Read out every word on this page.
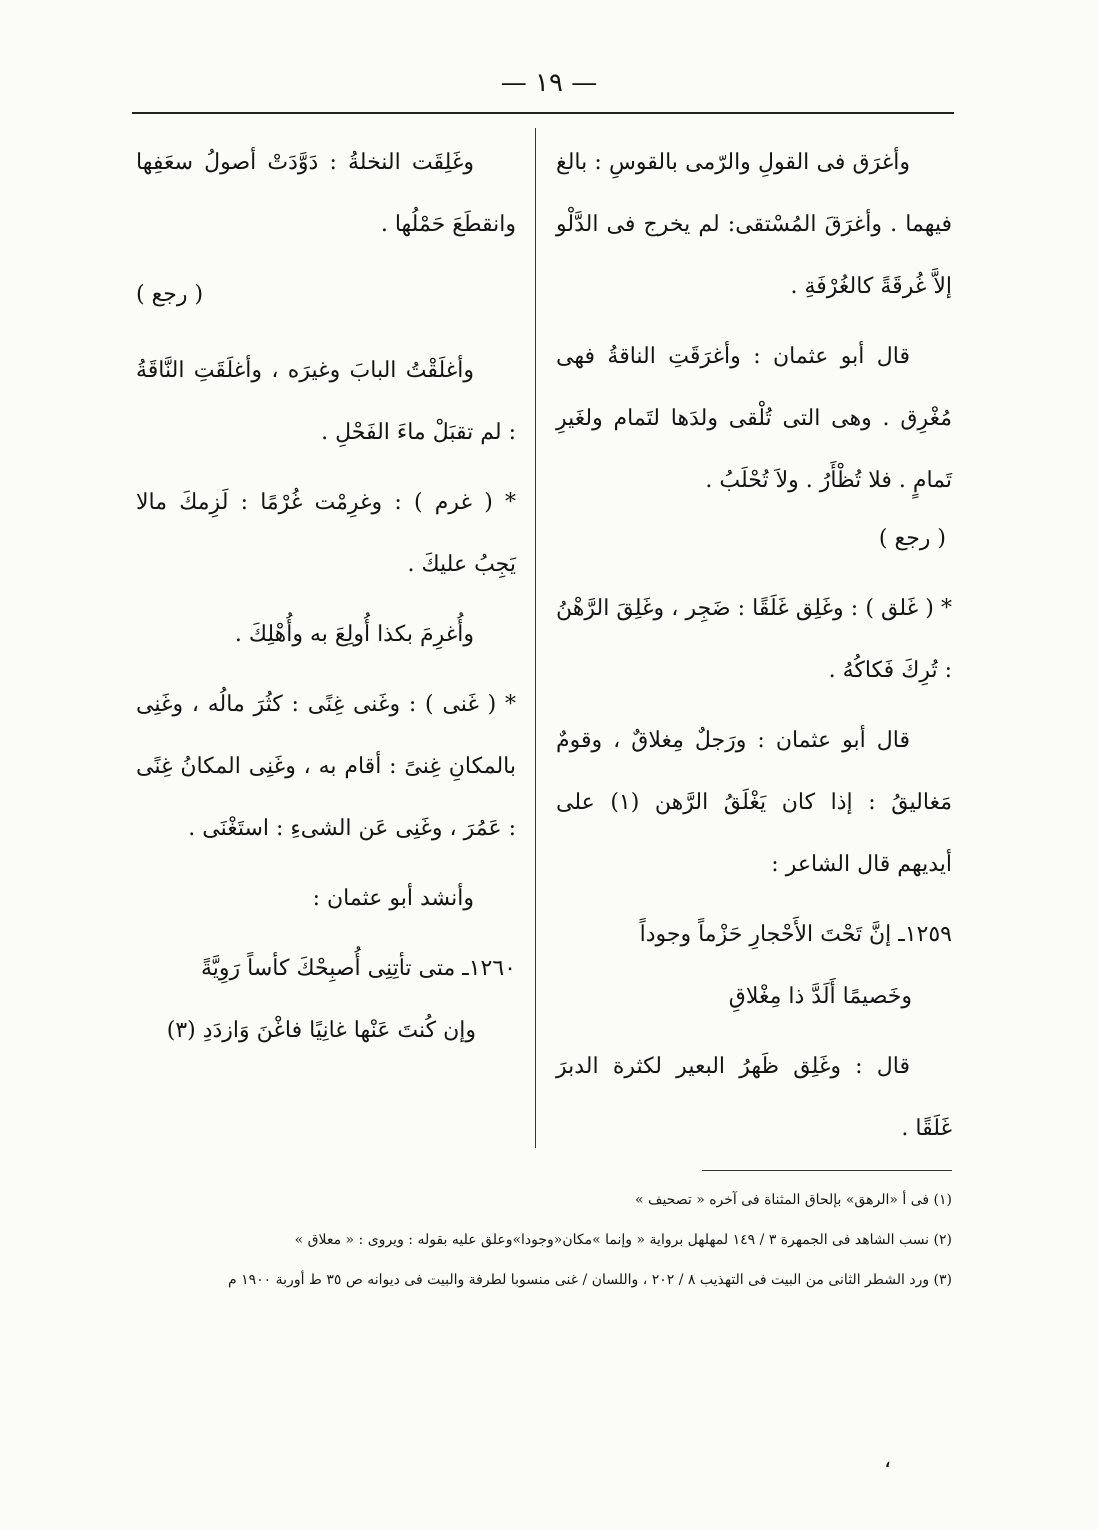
— ١٩ —

وأغرَق فى القولِ والرّمى بالقوسِ : بالغ فيهما . وأغرَقَ المُسْتقى: لم يخرج فى الدَّلْو إلاَّ غُرقَةً كالغُرْفَةِ .

قال أبو عثمان : وأغرَقَتِ الناقةُ فهى مُغْرِق . وهى التى تُلْقى ولدَها لتَمام ولغَيرِ تَمامٍ . فلا تُظْأَرُ . ولاَ تُحْلَبُ .

( رجع )

* ( غَلق ) : وغَلِق غَلَقًا : ضَجِر ، وغَلِقَ الرَّهْنُ : تُرِكَ فَكاكُهُ .

قال أبو عثمان : ورَجلٌ مِغلاقٌ ، وقومٌ مَغاليقُ : إذا كان يَغْلَقُ الرَّهن (١) على أيديهم قال الشاعر :

١٢٥٩ـ إنَّ تَحْتَ الأَحْجارِ حَزْماً وجوداً

وخَصيمًا أَلَدَّ ذا مِغْلاقِ

قال : وغَلِق ظَهرُ البعير لكثرة الدبرَ غَلَقًا .

وغَلِقَت النخلةُ : دَوَّدَتْ أصولُ سعَفِها وانقطَعَ حَمْلُها .

( رجع )

وأغلَقْتُ البابَ وغيرَه ، وأغلَقَتِ النَّاقَةُ : لم تقبَلْ ماءَ الفَحْلِ .

* ( غرم ) : وغرِمْت غُرْمًا : لَزِمكَ مالا يَجِبُ عليكَ .

وأُغرِمَ بكذا أُولِعَ به وأُهْلِكَ .

* ( غَنى ) : وغَنى غِنًى : كثُرَ مالُه ، وغَنِى بالمكانِ غِنىً : أقام به ، وغَنِى المكانُ غِنًى : عَمُرَ ، وغَنِى عَن الشىءِ : استَغْنَى .

وأنشد أبو عثمان :

١٢٦٠ـ متى تأتِنِى أُصبِحْكَ كأساً رَوِيَّةً

وإن كُنتَ عَنْها غانِيًا فاغْنَ وَازدَدِ (٣)

(١) فى أ «الرهق» بإلحاق المثناة فى آخره « تصحيف »

(٢) نسب الشاهد فى الجمهرة ٣ / ١٤٩ لمهلهل برواية « وإنما »مكان«وجودا»وعلق عليه بقوله : ويروى : « معلاق »

(٣) ورد الشطر الثانى من البيت فى التهذيب ٨ / ٢٠٢ ، واللسان / غنى منسوبا لطرفة والبيت فى ديوانه ص ٣٥ ط أوربة ١٩٠٠ م

،
